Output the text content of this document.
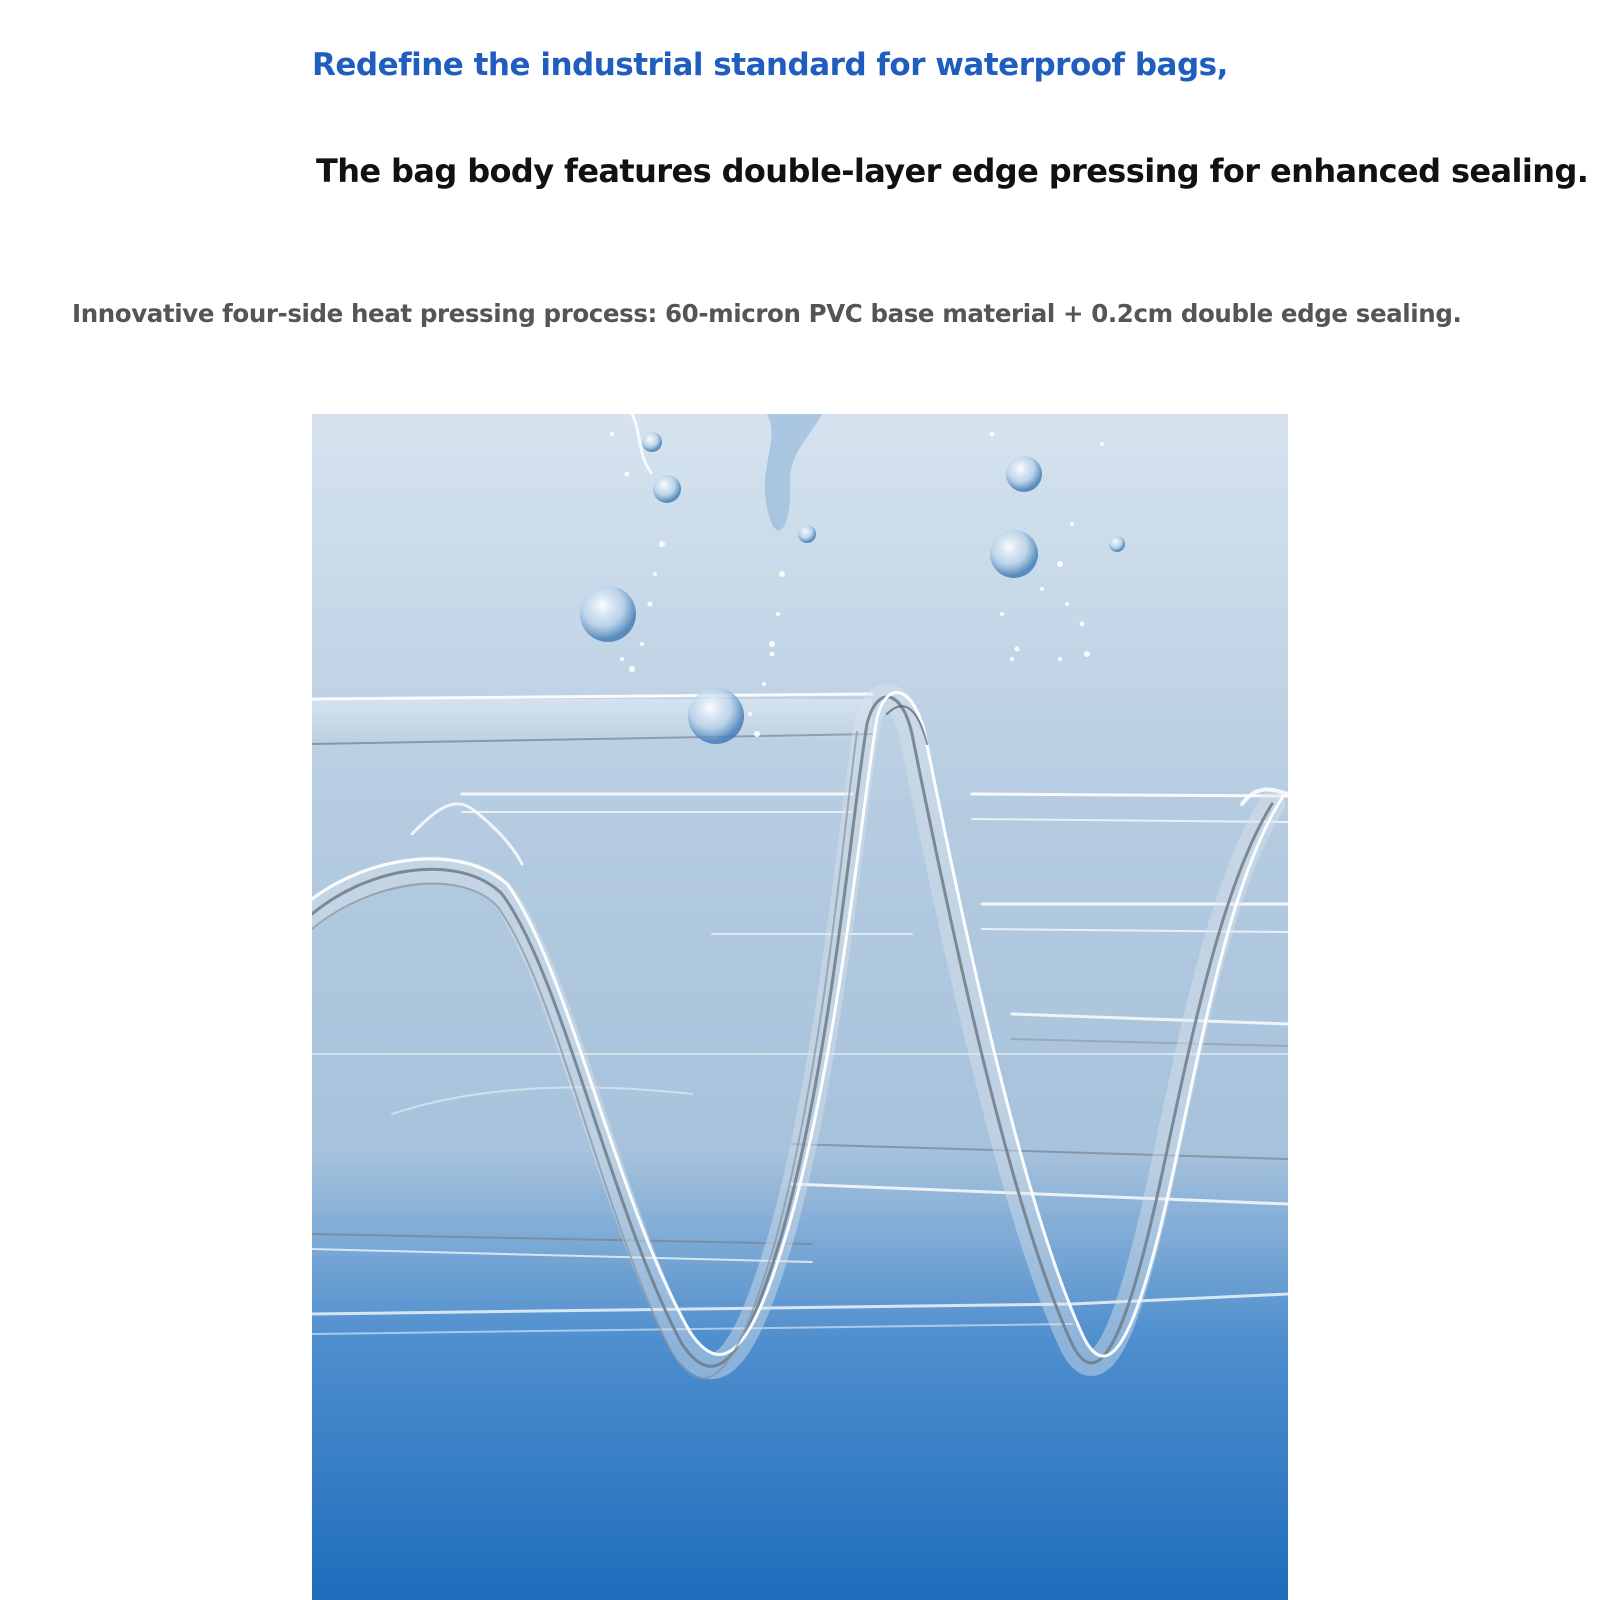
Redefine the industrial standard for waterproof bags,
The bag body features double-layer edge pressing for enhanced sealing.

Innovative four-side heat pressing process: 60-micron PVC base material + 0.2cm double edge sealing.
